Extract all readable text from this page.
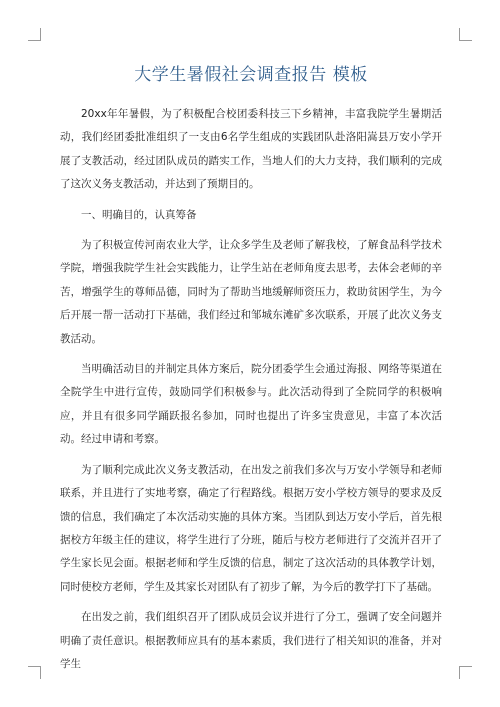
大学生暑假社会调查报告 模板

20xx年年暑假，为了积极配合校团委科技三下乡精神，丰富我院学生暑期活动，我们经团委批准组织了一支由6名学生组成的实践团队赴洛阳嵩县万安小学开展了支教活动，经过团队成员的踏实工作，当地人们的大力支持，我们顺利的完成了这次义务支教活动，并达到了预期目的。

一、明确目的，认真筹备

为了积极宣传河南农业大学，让众多学生及老师了解我校，了解食品科学技术学院，增强我院学生社会实践能力，让学生站在老师角度去思考，去体会老师的辛苦，增强学生的尊师品德，同时为了帮助当地缓解师资压力，救助贫困学生，为今后开展一帮一活动打下基础，我们经过和邹城东滩矿多次联系，开展了此次义务支教活动。

当明确活动目的并制定具体方案后，院分团委学生会通过海报、网络等渠道在全院学生中进行宣传，鼓励同学们积极参与。此次活动得到了全院同学的积极响应，并且有很多同学踊跃报名参加，同时也提出了许多宝贵意见，丰富了本次活动。经过申请和考察。

为了顺利完成此次义务支教活动，在出发之前我们多次与万安小学领导和老师联系，并且进行了实地考察，确定了行程路线。根据万安小学校方领导的要求及反馈的信息，我们确定了本次活动实施的具体方案。当团队到达万安小学后，首先根据校方年级主任的建议，将学生进行了分班，随后与校方老师进行了交流并召开了学生家长见会面。根据老师和学生反馈的信息，制定了这次活动的具体教学计划，同时使校方老师，学生及其家长对团队有了初步了解，为今后的教学打下了基础。

在出发之前，我们组织召开了团队成员会议并进行了分工，强调了安全问题并明确了责任意识。根据教师应具有的基本素质，我们进行了相关知识的准备，并对学生
